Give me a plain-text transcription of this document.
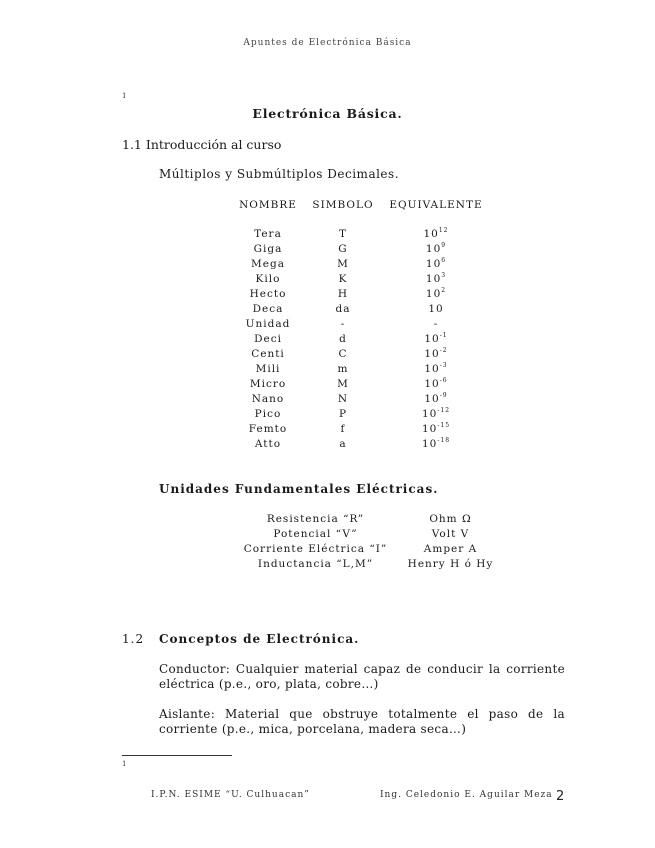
Apuntes de Electrónica Básica
1
Electrónica Básica.
1.1 Introducción al curso
Múltiplos y Submúltiplos Decimales.
NOMBRE	SIMBOLO	EQUIVALENTE

Tera	T	$10^{12}$
Giga	G	$10^9$
Mega	M	$10^6$
Kilo	K	$10^3$
Hecto	H	$10^2$
Deca	da	10
Unidad	-	-
Deci	d	$10^{-1}$
Centi	C	$10^{-2}$
Mili	m	$10^{-3}$
Micro	M	$10^{-6}$
Nano	N	$10^{-9}$
Pico	P	$10^{-12}$
Femto	f	$10^{-15}$
Atto	a	$10^{-18}$
Unidades Fundamentales Eléctricas.
Resistencia “R”	Ohm Ω
Potencial “V”	Volt V
Corriente Eléctrica “I”	Amper A
Inductancia “L,M”	Henry H ó Hy
1.2 Conceptos de Electrónica.

Conductor: Cualquier material capaz de conducir la corriente eléctrica (p.e., oro, plata, cobre…)

Aislante: Material que obstruye totalmente el paso de la corriente (p.e., mica, porcelana, madera seca…)

1
I.P.N. ESIME “U. Culhuacan”	Ing. Celedonio E. Aguilar Meza 2
